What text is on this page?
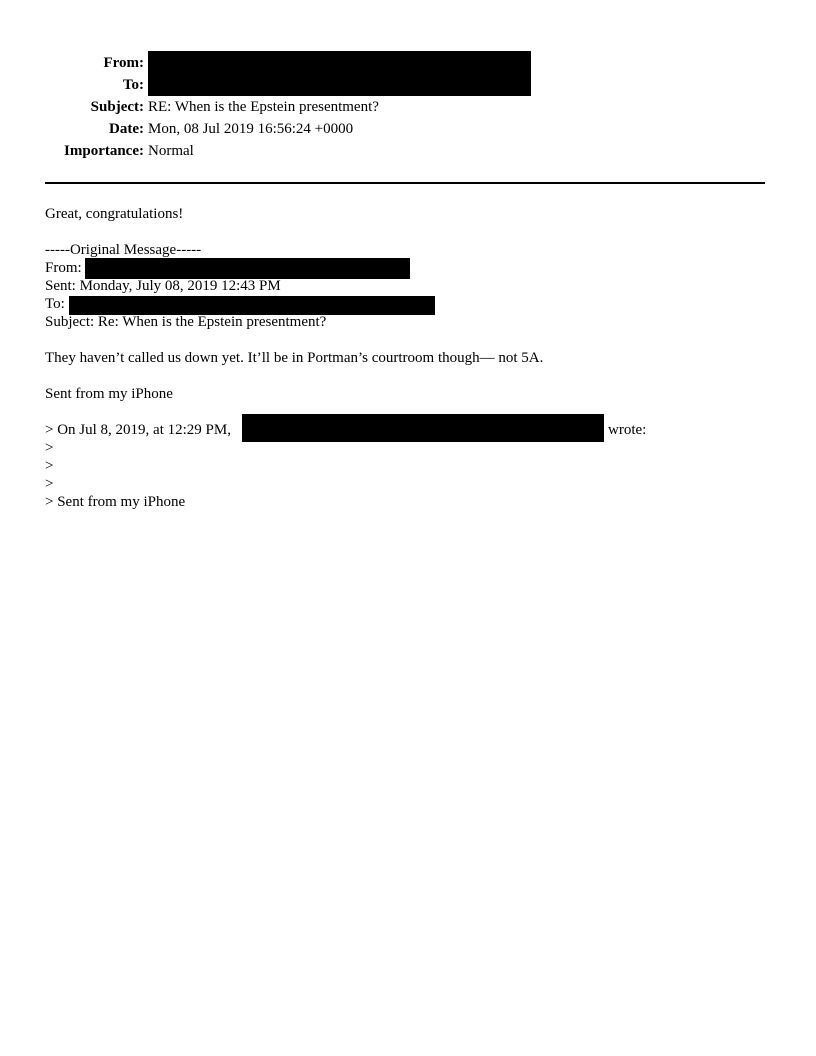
From:
To:
Subject: RE: When is the Epstein presentment?
Date: Mon, 08 Jul 2019 16:56:24 +0000
Importance: Normal
Great, congratulations!
-----Original Message-----
From:
Sent: Monday, July 08, 2019 12:43 PM
To:
Subject: Re: When is the Epstein presentment?
They haven’t called us down yet. It’ll be in Portman’s courtroom though— not 5A.
Sent from my iPhone
> On Jul 8, 2019, at 12:29 PM,	wrote:
>
>
>
> Sent from my iPhone
